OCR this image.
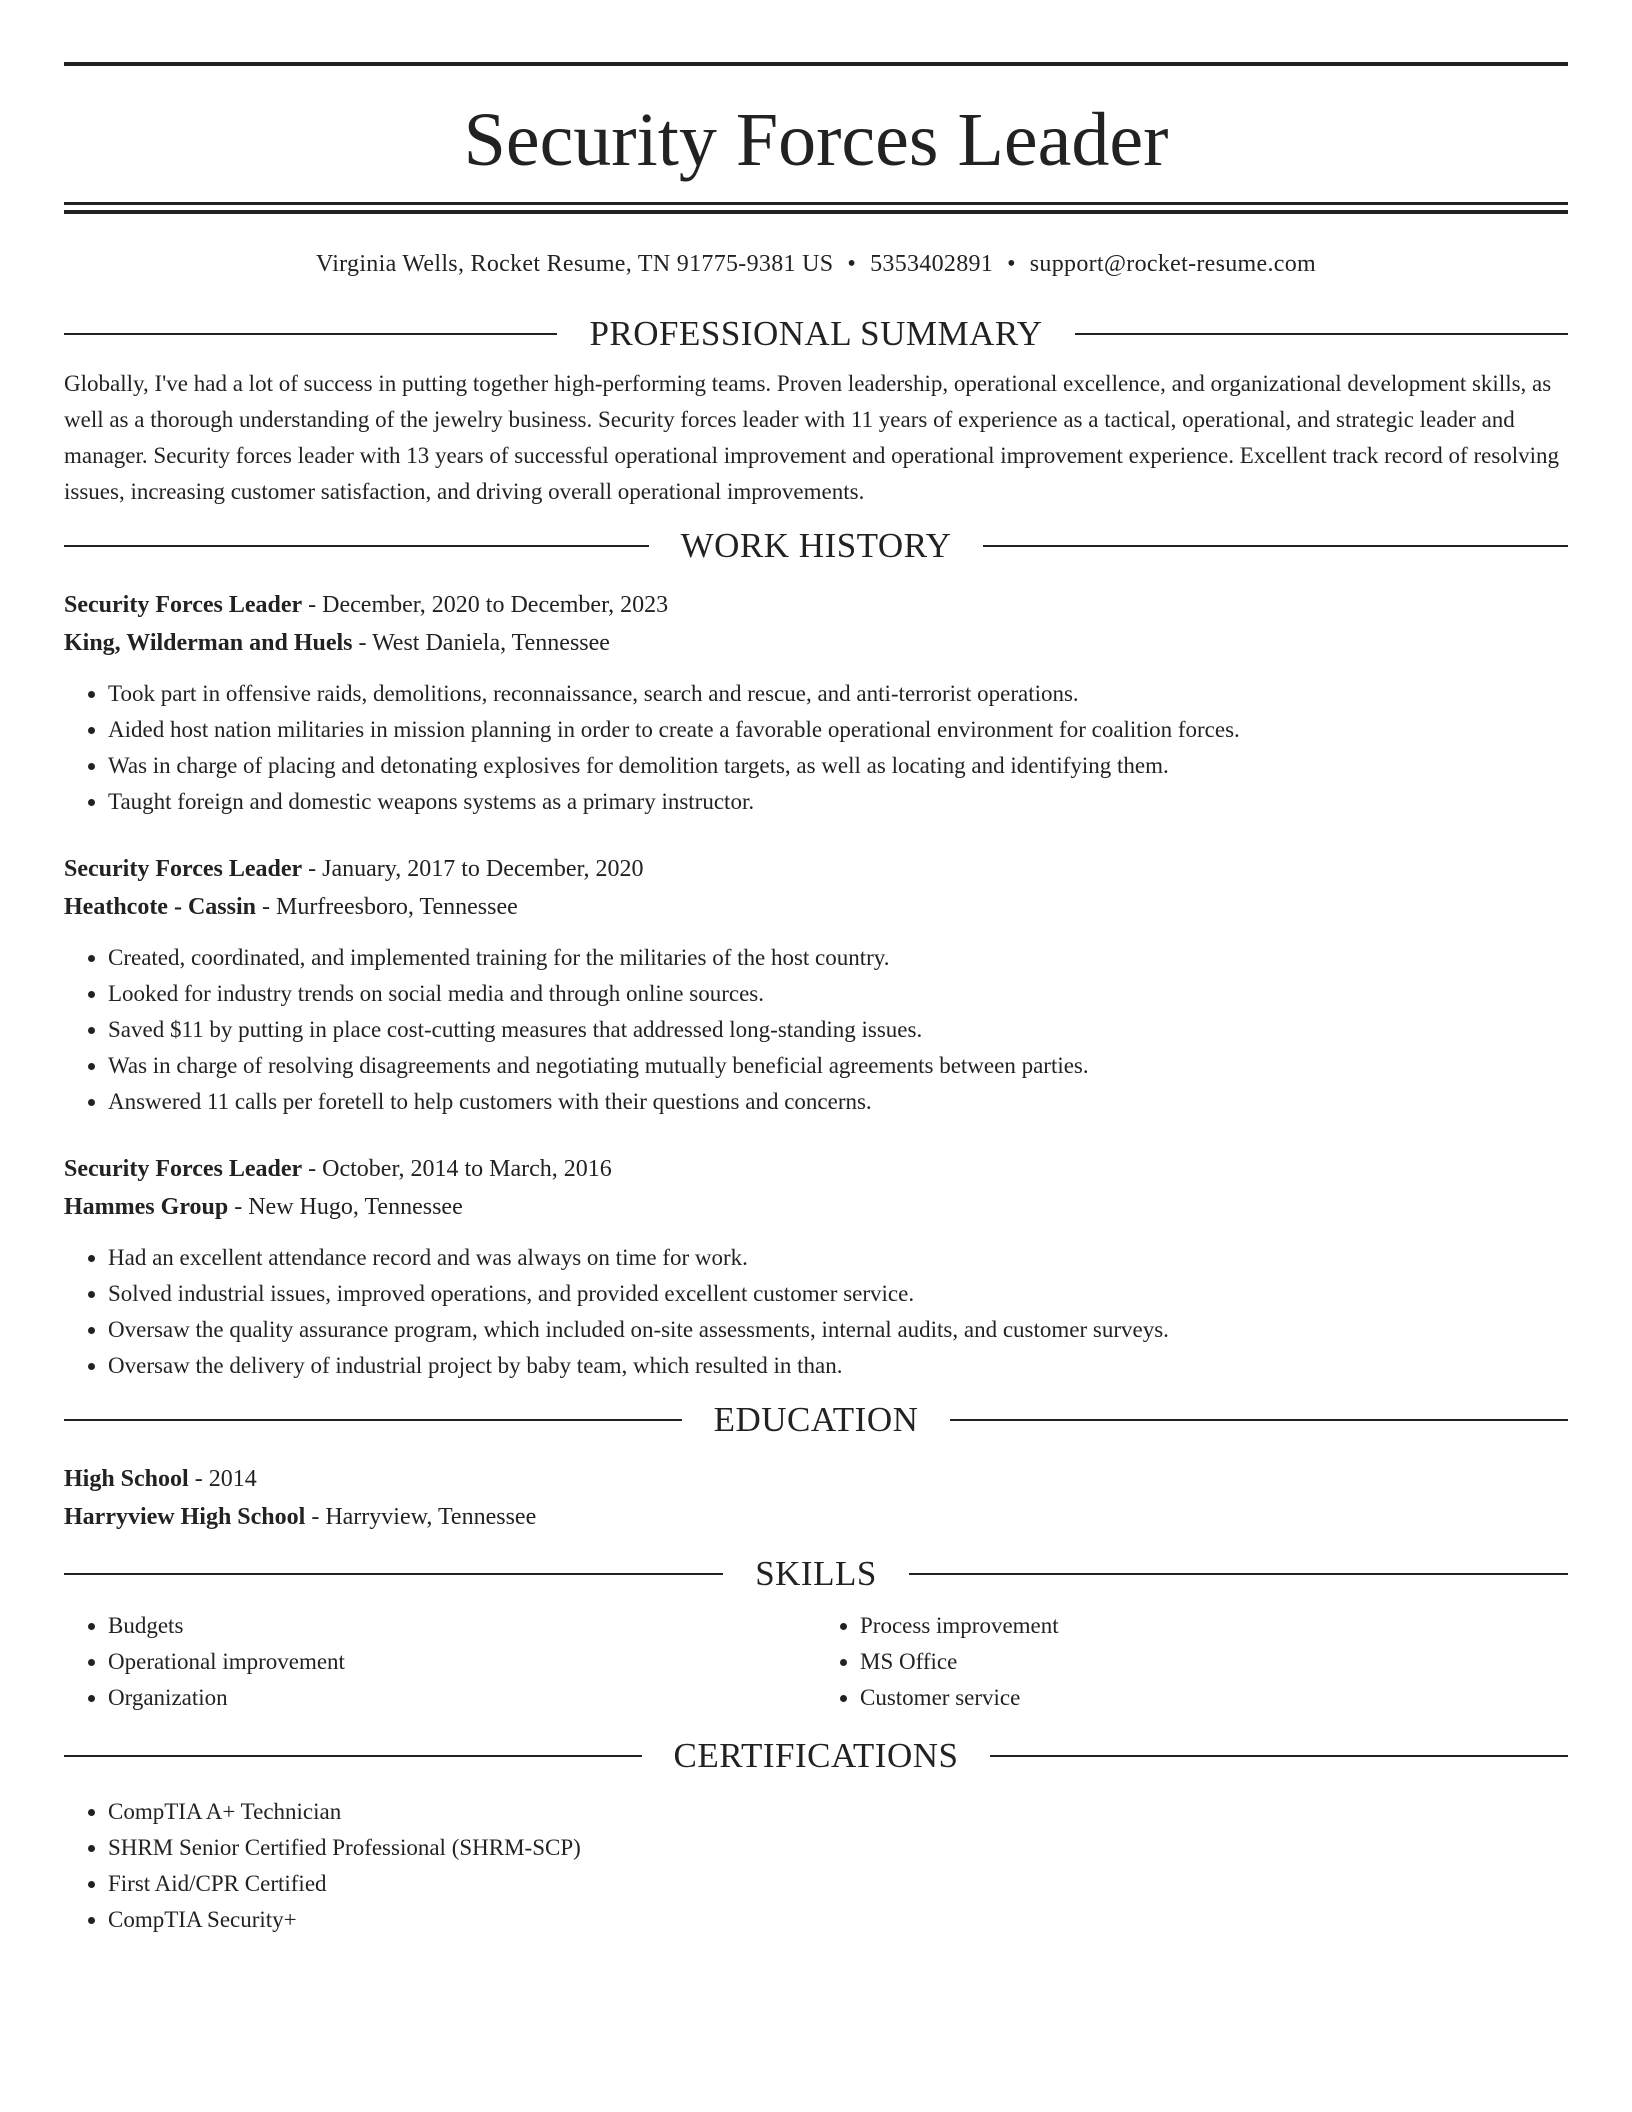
Security Forces Leader
Virginia Wells, Rocket Resume, TN 91775-9381 US • 5353402891 • support@rocket-resume.com
PROFESSIONAL SUMMARY

Globally, I've had a lot of success in putting together high-performing teams. Proven leadership, operational excellence, and organizational development skills, as well as a thorough understanding of the jewelry business. Security forces leader with 11 years of experience as a tactical, operational, and strategic leader and manager. Security forces leader with 13 years of successful operational improvement and operational improvement experience. Excellent track record of resolving issues, increasing customer satisfaction, and driving overall operational improvements.

WORK HISTORY

Security Forces Leader - December, 2020 to December, 2023

King, Wilderman and Huels - West Daniela, Tennessee

• Took part in offensive raids, demolitions, reconnaissance, search and rescue, and anti-terrorist operations.
• Aided host nation militaries in mission planning in order to create a favorable operational environment for coalition forces.
• Was in charge of placing and detonating explosives for demolition targets, as well as locating and identifying them.
• Taught foreign and domestic weapons systems as a primary instructor.

Security Forces Leader - January, 2017 to December, 2020

Heathcote - Cassin - Murfreesboro, Tennessee

• Created, coordinated, and implemented training for the militaries of the host country.
• Looked for industry trends on social media and through online sources.
• Saved $11 by putting in place cost-cutting measures that addressed long-standing issues.
• Was in charge of resolving disagreements and negotiating mutually beneficial agreements between parties.
• Answered 11 calls per foretell to help customers with their questions and concerns.

Security Forces Leader - October, 2014 to March, 2016

Hammes Group - New Hugo, Tennessee

• Had an excellent attendance record and was always on time for work.
• Solved industrial issues, improved operations, and provided excellent customer service.
• Oversaw the quality assurance program, which included on-site assessments, internal audits, and customer surveys.
• Oversaw the delivery of industrial project by baby team, which resulted in than.
EDUCATION

High School - 2014

Harryview High School - Harryview, Tennessee

SKILLS
• Budgets
• Operational improvement
• Organization
• Process improvement
• MS Office
• Customer service
CERTIFICATIONS
• CompTIA A+ Technician
• SHRM Senior Certified Professional (SHRM-SCP)
• First Aid/CPR Certified
• CompTIA Security+
